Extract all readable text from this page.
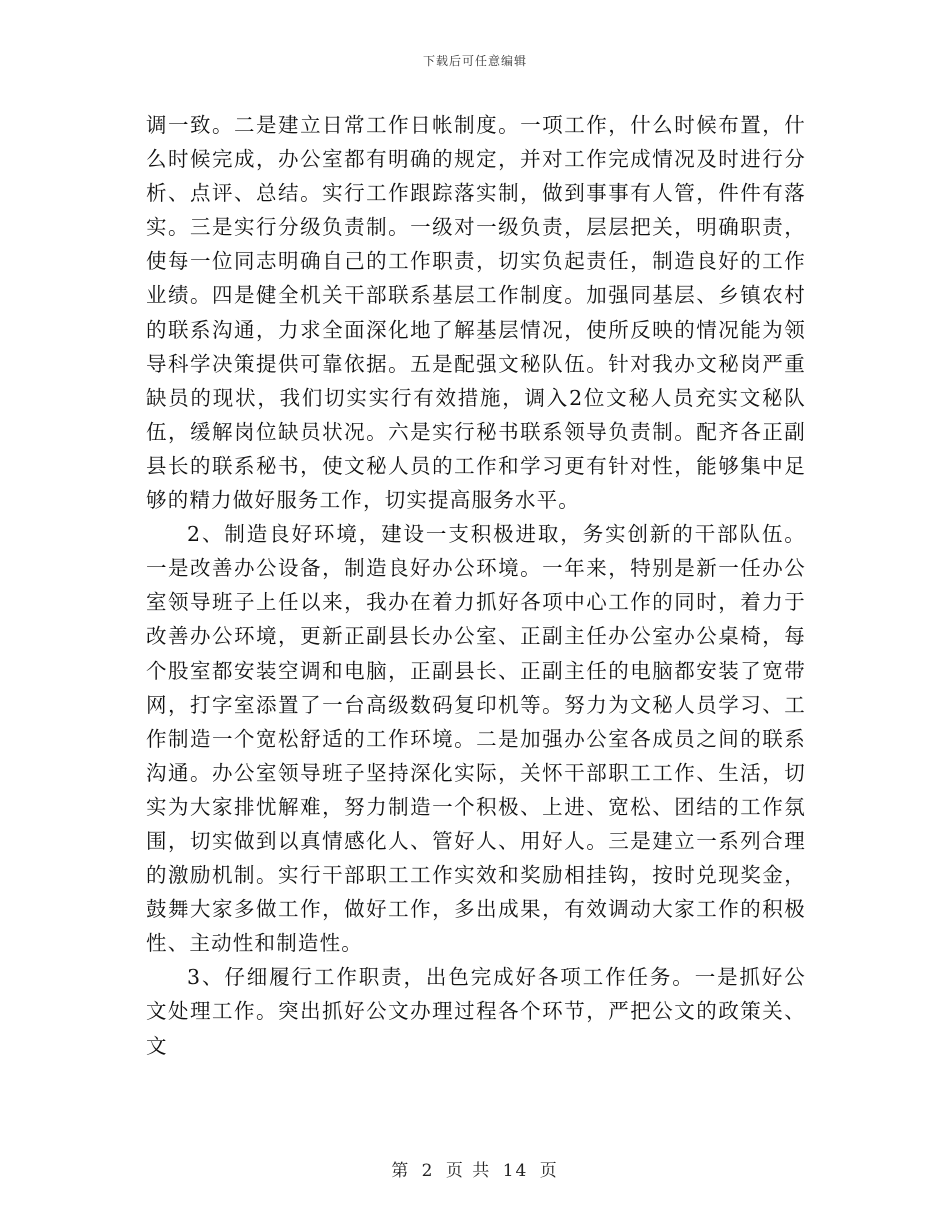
下载后可任意编辑

调一致。二是建立日常工作日帐制度。一项工作，什么时候布置，什么时候完成，办公室都有明确的规定，并对工作完成情况及时进行分析、点评、总结。实行工作跟踪落实制，做到事事有人管，件件有落实。三是实行分级负责制。一级对一级负责，层层把关，明确职责，使每一位同志明确自己的工作职责，切实负起责任，制造良好的工作业绩。四是健全机关干部联系基层工作制度。加强同基层、乡镇农村的联系沟通，力求全面深化地了解基层情况，使所反映的情况能为领导科学决策提供可靠依据。五是配强文秘队伍。针对我办文秘岗严重缺员的现状，我们切实实行有效措施，调入2位文秘人员充实文秘队伍，缓解岗位缺员状况。六是实行秘书联系领导负责制。配齐各正副县长的联系秘书，使文秘人员的工作和学习更有针对性，能够集中足够的精力做好服务工作，切实提高服务水平。

2、制造良好环境，建设一支积极进取，务实创新的干部队伍。一是改善办公设备，制造良好办公环境。一年来，特别是新一任办公室领导班子上任以来，我办在着力抓好各项中心工作的同时，着力于改善办公环境，更新正副县长办公室、正副主任办公室办公桌椅，每个股室都安装空调和电脑，正副县长、正副主任的电脑都安装了宽带网，打字室添置了一台高级数码复印机等。努力为文秘人员学习、工作制造一个宽松舒适的工作环境。二是加强办公室各成员之间的联系沟通。办公室领导班子坚持深化实际，关怀干部职工工作、生活，切实为大家排忧解难，努力制造一个积极、上进、宽松、团结的工作氛围，切实做到以真情感化人、管好人、用好人。三是建立一系列合理的激励机制。实行干部职工工作实效和奖励相挂钩，按时兑现奖金，鼓舞大家多做工作，做好工作，多出成果，有效调动大家工作的积极性、主动性和制造性。

3、仔细履行工作职责，出色完成好各项工作任务。一是抓好公文处理工作。突出抓好公文办理过程各个环节，严把公文的政策关、文

第 2 页 共 14 页
